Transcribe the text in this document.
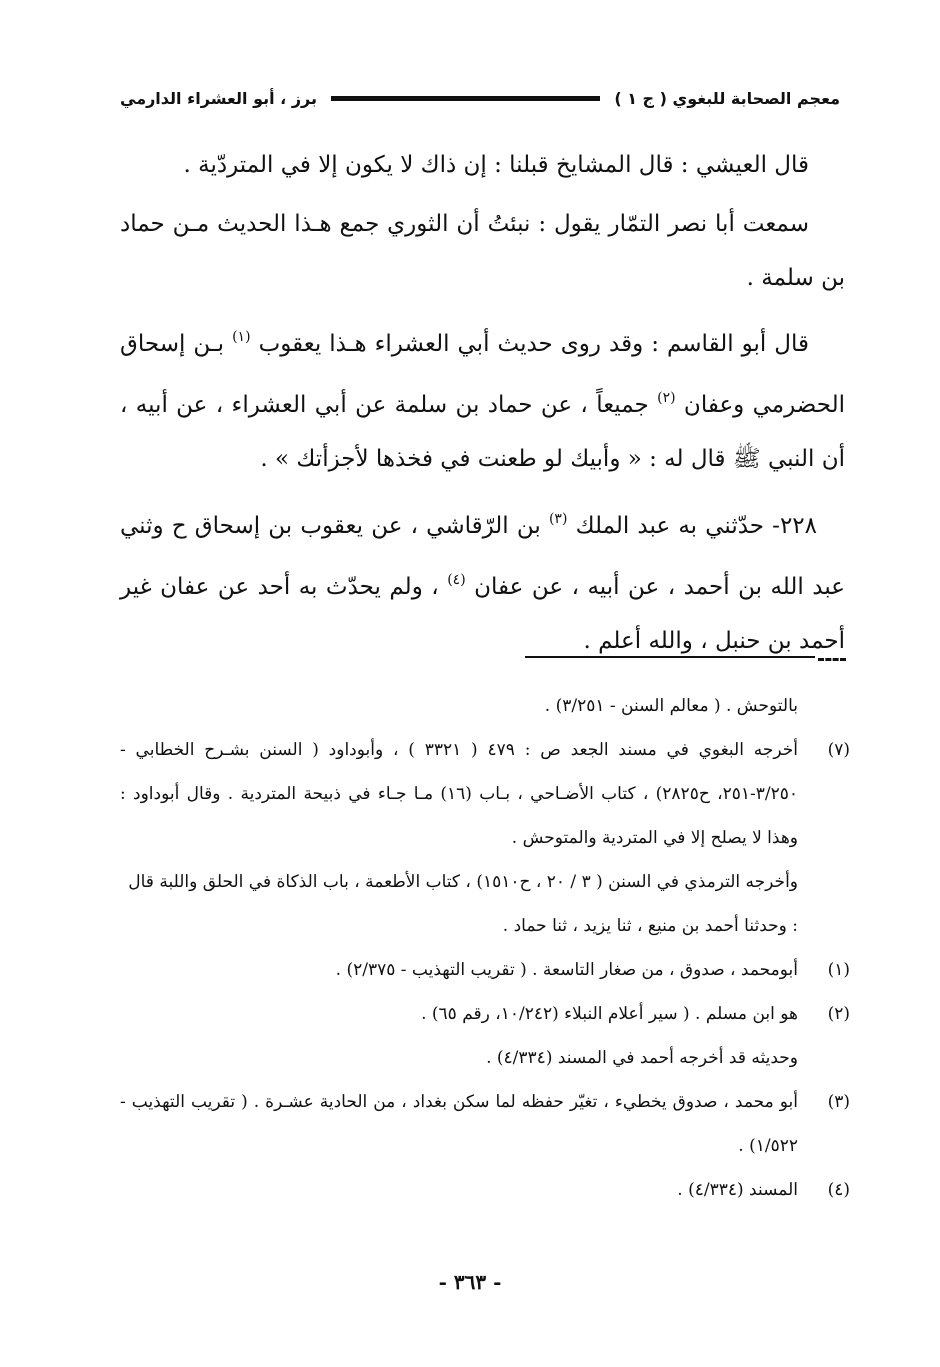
معجم الصحابة للبغوي ( ج ١ )
برز ، أبو العشراء الدارمي

قال العيشي : قال المشايخ قبلنا : إن ذاك لا يكون إلا في المتردّية .

سمعت أبا نصر التمّار يقول : نبئتُ أن الثوري جمع هـذا الحديث مـن حماد بن سلمة .

قال أبو القاسم : وقد روى حديث أبي العشراء هـذا يعقوب $^{(١)}$ بـن إسحاق الحضرمي وعفان $^{(٢)}$ جميعاً ، عن حماد بن سلمة عن أبي العشراء ، عن أبيه ، أن النبي ﷺ قال له : « وأبيك لو طعنت في فخذها لأجزأتك » .

٢٢٨- حدّثني به عبد الملك $^{(٣)}$ بن الرّقاشي ، عن يعقوب بن إسحاق ح وثني عبد الله بن أحمد ، عن أبيه ، عن عفان $^{(٤)}$ ، ولم يحدّث به أحد عن عفان غير أحمد بن حنبل ، والله أعلم .

بالتوحش . ( معالم السنن - ٣/٢٥١) .

(٧)
أخرجه البغوي في مسند الجعد ص : ٤٧٩ ( ٣٣٢١ ) ، وأبوداود ( السنن بشـرح الخطابي - ٣/٢٥٠-٢٥١، ح٢٨٢٥) ، كتاب الأضـاحي ، بـاب (١٦) مـا جـاء في ذبيحة المتردية . وقال أبوداود : وهذا لا يصلح إلا في المتردية والمتوحش .

وأخرجه الترمذي في السنن ( ٣ / ٢٠ ، ح١٥١٠) ، كتاب الأطعمة ، باب الذكاة في الحلق واللبة قال : وحدثنا أحمد بن منيع ، ثنا يزيد ، ثنا حماد .

(١)
أبومحمد ، صدوق ، من صغار التاسعة . ( تقريب التهذيب - ٢/٣٧٥) .
(٢)
هو ابن مسلم . ( سير أعلام النبلاء (١٠/٢٤٢، رقم ٦٥) .

وحديثه قد أخرجه أحمد في المسند (٤/٣٣٤) .

(٣)
أبو محمد ، صدوق يخطيء ، تغيّر حفظه لما سكن بغداد ، من الحادية عشـرة . ( تقريب التهذيب - ١/٥٢٢) .
(٤)
المسند (٤/٣٣٤) .
- ٣٦٣ -
